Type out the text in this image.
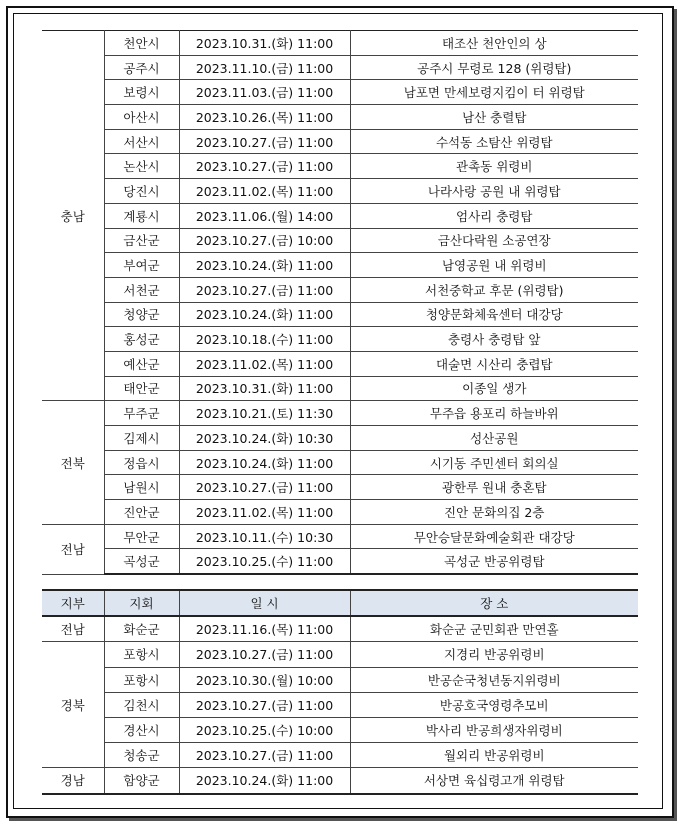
충남	천안시	2023.10.31.(화) 11:00	태조산 천안인의 상
	공주시	2023.11.10.(금) 11:00	공주시 무령로 128 (위령탑)
	보령시	2023.11.03.(금) 11:00	남포면 만세보령지킴이 터 위령탑
	아산시	2023.10.26.(목) 11:00	남산 충렬탑
	서산시	2023.10.27.(금) 11:00	수석동 소탐산 위령탑
	논산시	2023.10.27.(금) 11:00	관촉동 위령비
	당진시	2023.11.02.(목) 11:00	나라사랑 공원 내 위령탑
	계룡시	2023.11.06.(월) 14:00	엄사리 충령탑
	금산군	2023.10.27.(금) 10:00	금산다락원 소공연장
	부여군	2023.10.24.(화) 11:00	남영공원 내 위령비
	서천군	2023.10.27.(금) 11:00	서천중학교 후문 (위령탑)
	청양군	2023.10.24.(화) 11:00	청양문화체육센터 대강당
	홍성군	2023.10.18.(수) 11:00	충령사 충령탑 앞
	예산군	2023.11.02.(목) 11:00	대술면 시산리 충렵탑
	태안군	2023.10.31.(화) 11:00	이종일 생가
전북	무주군	2023.10.21.(토) 11:30	무주읍 용포리 하늘바위
	김제시	2023.10.24.(화) 10:30	성산공원
	정읍시	2023.10.24.(화) 11:00	시기동 주민센터 회의실
	남원시	2023.10.27.(금) 11:00	광한루 원내 충혼탑
	진안군	2023.11.02.(목) 11:00	진안 문화의집 2층
전남	무안군	2023.10.11.(수) 10:30	무안승달문화예술회관 대강당
	곡성군	2023.10.25.(수) 11:00	곡성군 반공위령탑
지부	지회	일 시	장 소
전남	화순군	2023.11.16.(목) 11:00	화순군 군민회관 만연홀
경북	포항시	2023.10.27.(금) 11:00	지경리 반공위령비
	포항시	2023.10.30.(월) 10:00	반공순국청년동지위령비
	김천시	2023.10.27.(금) 11:00	반공호국영령추모비
	경산시	2023.10.25.(수) 10:00	박사리 반공희생자위령비
	청송군	2023.10.27.(금) 11:00	월외리 반공위령비
경남	함양군	2023.10.24.(화) 11:00	서상면 육십령고개 위령탑
